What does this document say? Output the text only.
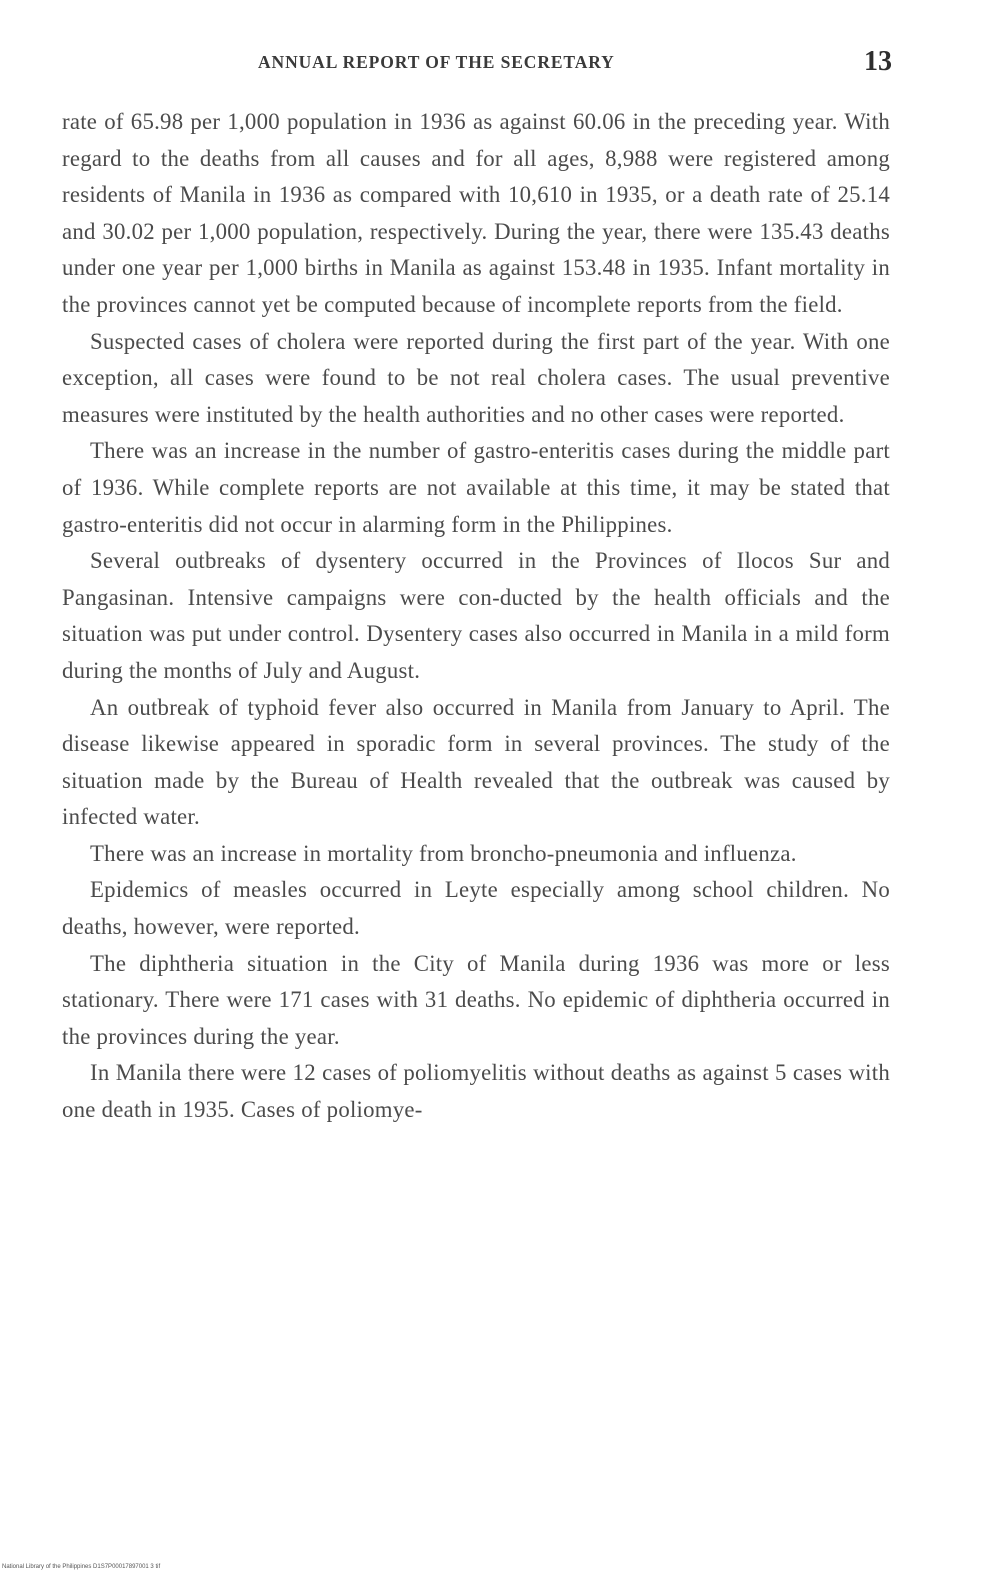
ANNUAL REPORT OF THE SECRETARY	13

rate of 65.98 per 1,000 population in 1936 as against 60.06 in the preceding year. With regard to the deaths from all causes and for all ages, 8,988 were registered among residents of Manila in 1936 as compared with 10,610 in 1935, or a death rate of 25.14 and 30.02 per 1,000 population, respectively. During the year, there were 135.43 deaths under one year per 1,000 births in Manila as against 153.48 in 1935. Infant mortality in the provinces cannot yet be computed because of incomplete reports from the field.

Suspected cases of cholera were reported during the first part of the year. With one exception, all cases were found to be not real cholera cases. The usual preventive measures were instituted by the health authorities and no other cases were reported.

There was an increase in the number of gastro-enteritis cases during the middle part of 1936. While complete reports are not available at this time, it may be stated that gastro-enteritis did not occur in alarming form in the Philippines.

Several outbreaks of dysentery occurred in the Provinces of Ilocos Sur and Pangasinan. Intensive campaigns were con-ducted by the health officials and the situation was put under control. Dysentery cases also occurred in Manila in a mild form during the months of July and August.

An outbreak of typhoid fever also occurred in Manila from January to April. The disease likewise appeared in sporadic form in several provinces. The study of the situation made by the Bureau of Health revealed that the outbreak was caused by infected water.

There was an increase in mortality from broncho-pneumonia and influenza.

Epidemics of measles occurred in Leyte especially among school children. No deaths, however, were reported.

The diphtheria situation in the City of Manila during 1936 was more or less stationary. There were 171 cases with 31 deaths. No epidemic of diphtheria occurred in the provinces during the year.

In Manila there were 12 cases of poliomyelitis without deaths as against 5 cases with one death in 1935. Cases of poliomye-

National Library of the Philippines D1S7P00017897001 3 tif
